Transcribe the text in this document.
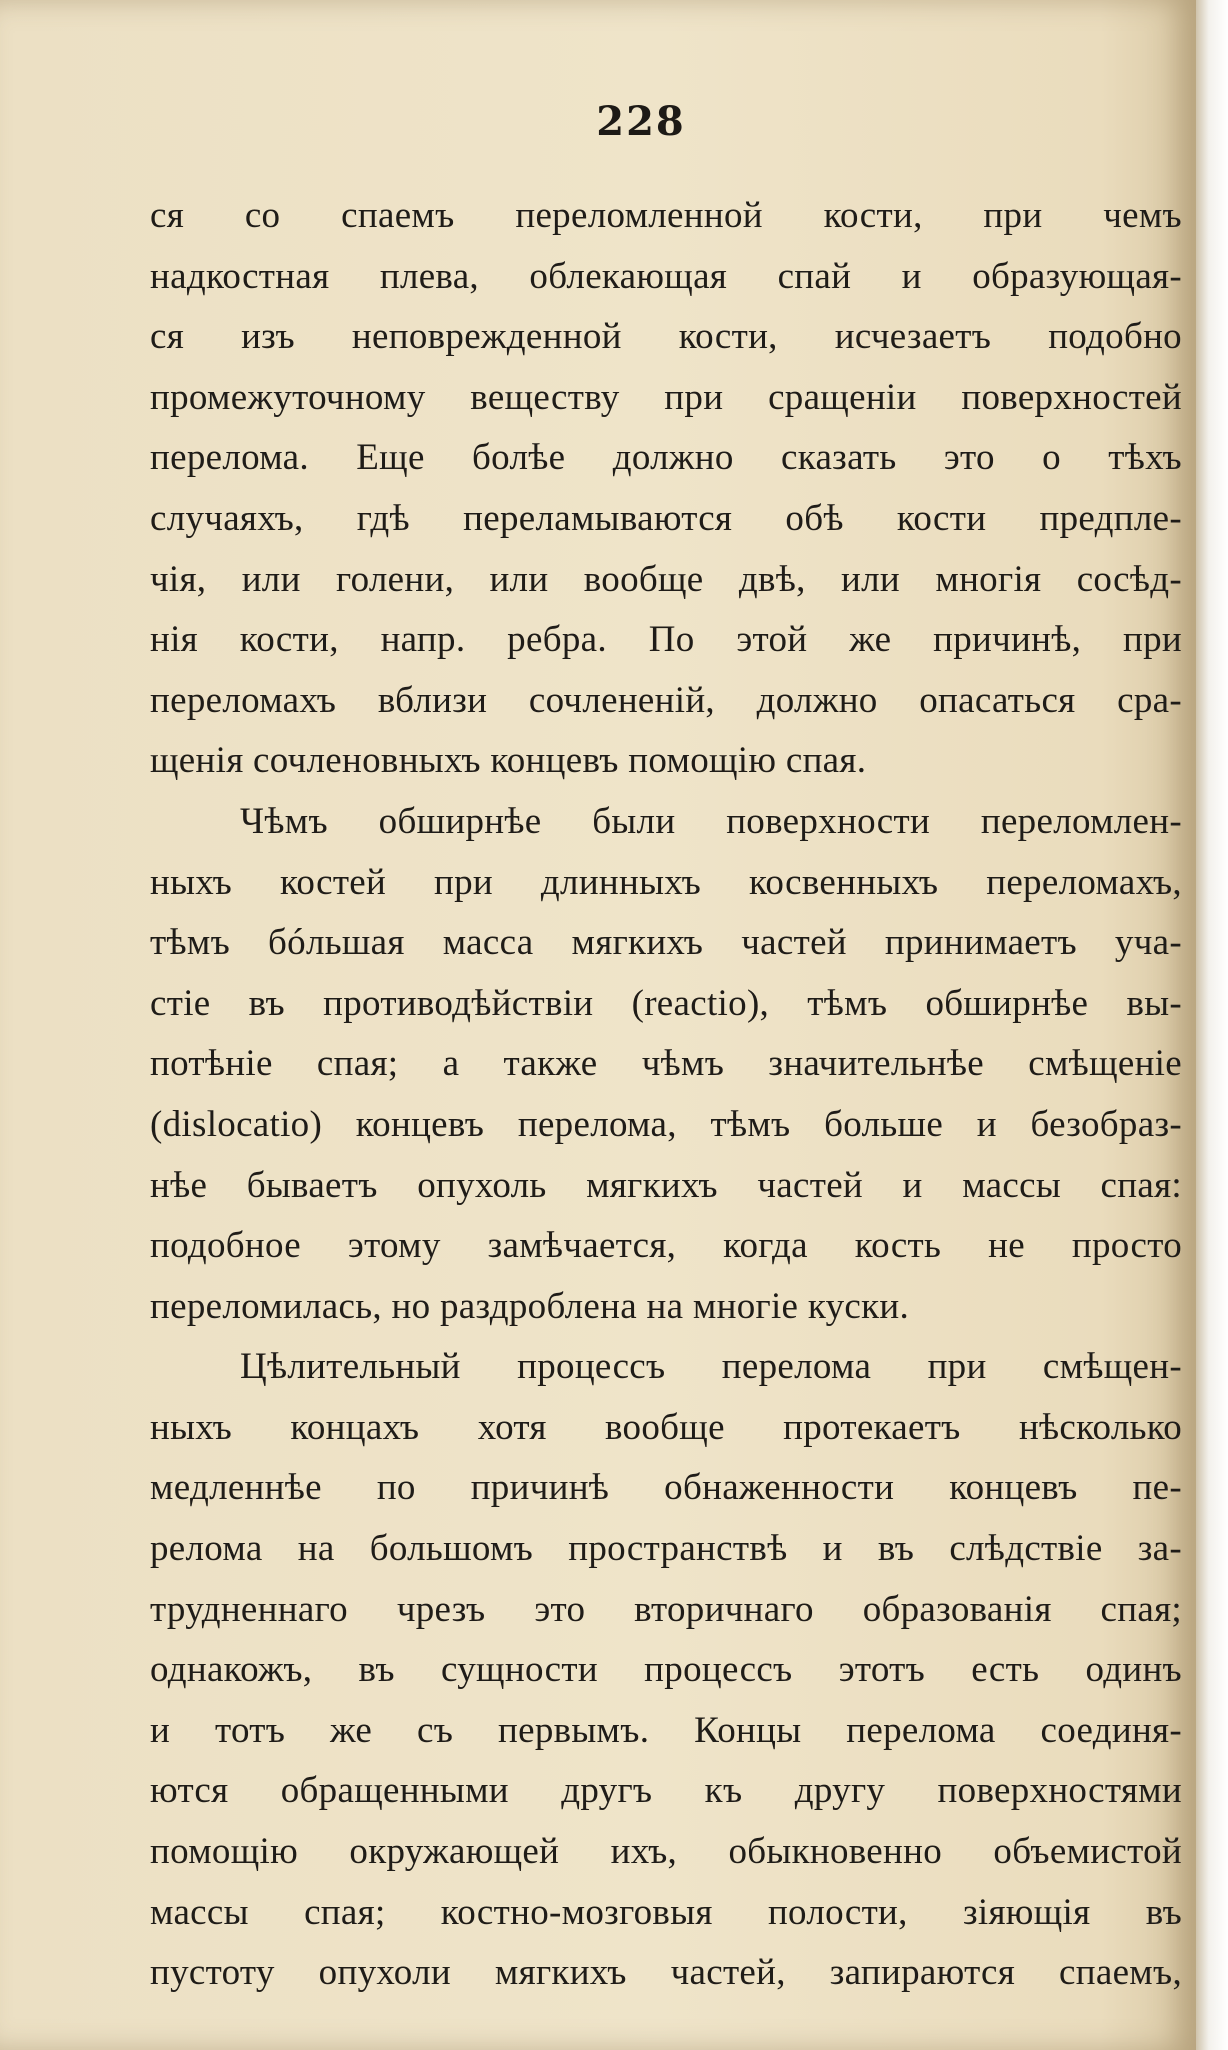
228
ся со спаемъ переломленной кости, при чемъ
надкостная плева, облекающая спай и образующая-
ся изъ неповрежденной кости, исчезаетъ подобно
промежуточному веществу при сращенiи поверхностей
перелома. Еще болѣе должно сказать это о тѣхъ
случаяхъ, гдѣ переламываются обѣ кости предпле-
чiя, или голени, или вообще двѣ, или многiя сосѣд-
нiя кости, напр. ребра. По этой же причинѣ, при
переломахъ вблизи сочлененiй, должно опасаться сра-
щенiя сочленовныхъ концевъ помощiю спая.
Чѣмъ обширнѣе были поверхности переломлен-
ныхъ костей при длинныхъ косвенныхъ переломахъ,
тѣмъ бóльшая масса мягкихъ частей принимаетъ уча-
стiе въ противодѣйствiи (reactio), тѣмъ обширнѣе вы-
потѣнiе спая; а также чѣмъ значительнѣе смѣщенiе
(dislocatio) концевъ перелома, тѣмъ больше и безобраз-
нѣе бываетъ опухоль мягкихъ частей и массы спая:
подобное этому замѣчается, когда кость не просто
переломилась, но раздроблена на многiе куски.
Цѣлительный процессъ перелома при смѣщен-
ныхъ концахъ хотя вообще протекаетъ нѣсколько
медленнѣе по причинѣ обнаженности концевъ пе-
релома на большомъ пространствѣ и въ слѣдствiе за-
трудненнаго чрезъ это вторичнаго образованiя спая;
однакожъ, въ сущности процессъ этотъ есть одинъ
и тотъ же съ первымъ. Концы перелома соединя-
ются обращенными другъ къ другу поверхностями
помощiю окружающей ихъ, обыкновенно объемистой
массы спая; костно-мозговыя полости, зiяющiя въ
пустоту опухоли мягкихъ частей, запираются спаемъ,
